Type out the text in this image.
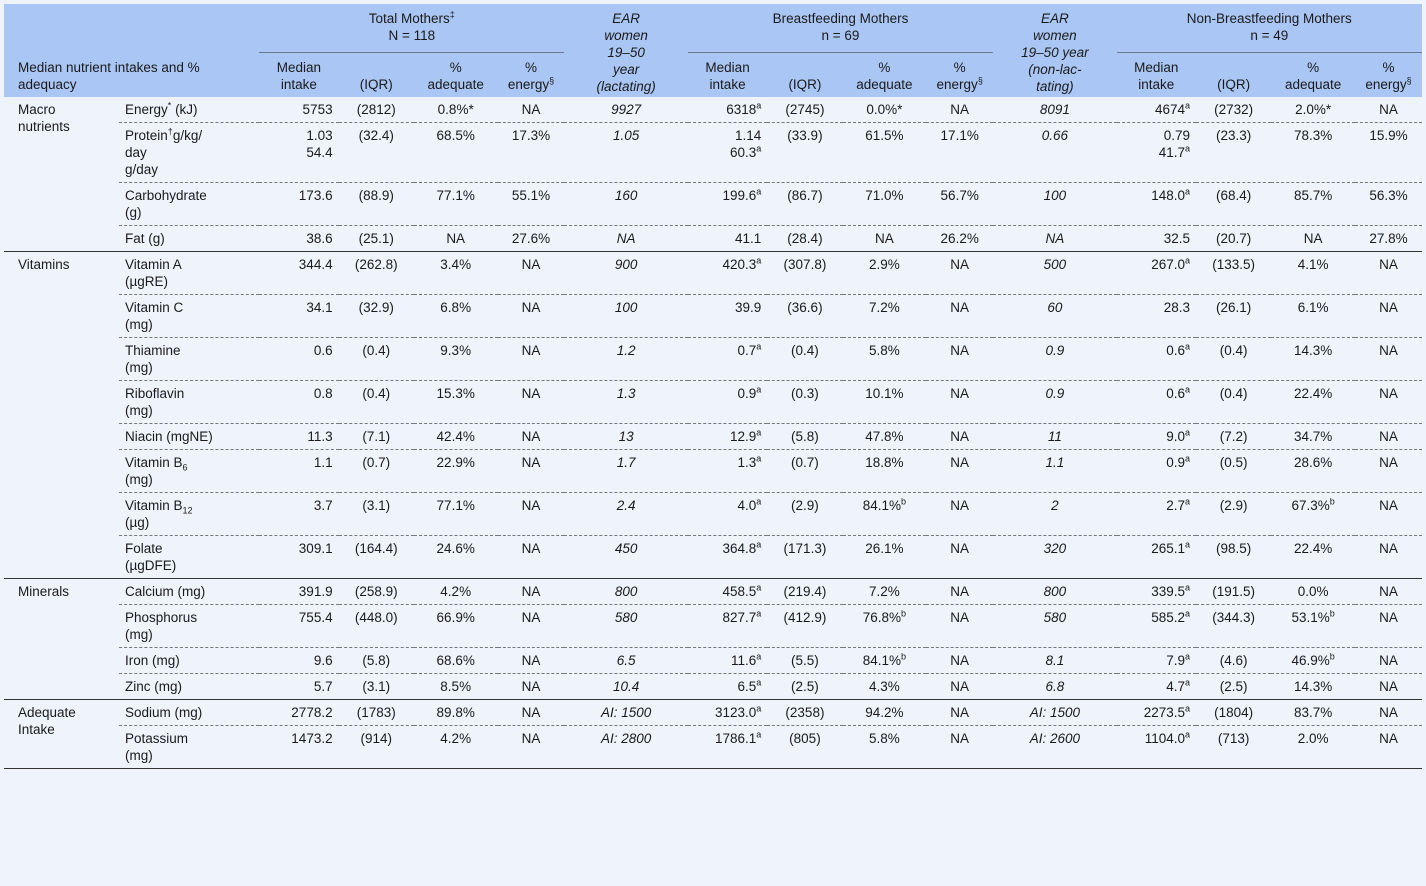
		Total Mothers‡
N = 118				EAR
women
19–50
year
(lactating)	Breastfeeding Mothers
n = 69				EAR
women
19–50 year
(non-lac-
tating)	Non-Breastfeeding Mothers
n = 49			
Median nutrient intakes and % adequacy		Median
intake	(IQR)	%
adequate	%
energy§		Median
intake	(IQR)	%
adequate	%
energy§		Median
intake	(IQR)	%
adequate	%
energy§
Macro
nutrients	Energy* (kJ)	5753	(2812)	0.8%*	NA	9927	6318$^a$	(2745)	0.0%*	NA	8091	4674$^a$	(2732)	2.0%*	NA
	Protein†g/kg/
day
g/day	1.03
54.4	(32.4)	68.5%	17.3%	1.05	1.14
60.3$^a$	(33.9)	61.5%	17.1%	0.66	0.79
41.7$^a$	(23.3)	78.3%	15.9%
	Carbohydrate
(g)	173.6	(88.9)	77.1%	55.1%	160	199.6$^a$	(86.7)	71.0%	56.7%	100	148.0$^a$	(68.4)	85.7%	56.3%
	Fat (g)	38.6	(25.1)	NA	27.6%	NA	41.1	(28.4)	NA	26.2%	NA	32.5	(20.7)	NA	27.8%
Vitamins	Vitamin A
(µgRE)	344.4	(262.8)	3.4%	NA	900	420.3$^a$	(307.8)	2.9%	NA	500	267.0$^a$	(133.5)	4.1%	NA
	Vitamin C
(mg)	34.1	(32.9)	6.8%	NA	100	39.9	(36.6)	7.2%	NA	60	28.3	(26.1)	6.1%	NA
	Thiamine
(mg)	0.6	(0.4)	9.3%	NA	1.2	0.7$^a$	(0.4)	5.8%	NA	0.9	0.6$^a$	(0.4)	14.3%	NA
	Riboflavin
(mg)	0.8	(0.4)	15.3%	NA	1.3	0.9$^a$	(0.3)	10.1%	NA	0.9	0.6$^a$	(0.4)	22.4%	NA
	Niacin (mgNE)	11.3	(7.1)	42.4%	NA	13	12.9$^a$	(5.8)	47.8%	NA	11	9.0$^a$	(7.2)	34.7%	NA
	Vitamin $B_6$
(mg)	1.1	(0.7)	22.9%	NA	1.7	1.3$^a$	(0.7)	18.8%	NA	1.1	0.9$^a$	(0.5)	28.6%	NA
	Vitamin $B_{12}$
(µg)	3.7	(3.1)	77.1%	NA	2.4	4.0$^a$	(2.9)	84.1%$^b$	NA	2	2.7$^a$	(2.9)	67.3%$^b$	NA
	Folate
(µgDFE)	309.1	(164.4)	24.6%	NA	450	364.8$^a$	(171.3)	26.1%	NA	320	265.1$^a$	(98.5)	22.4%	NA
Minerals	Calcium (mg)	391.9	(258.9)	4.2%	NA	800	458.5$^a$	(219.4)	7.2%	NA	800	339.5$^a$	(191.5)	0.0%	NA
	Phosphorus
(mg)	755.4	(448.0)	66.9%	NA	580	827.7$^a$	(412.9)	76.8%$^b$	NA	580	585.2$^a$	(344.3)	53.1%$^b$	NA
	Iron (mg)	9.6	(5.8)	68.6%	NA	6.5	11.6$^a$	(5.5)	84.1%$^b$	NA	8.1	7.9$^a$	(4.6)	46.9%$^b$	NA
	Zinc (mg)	5.7	(3.1)	8.5%	NA	10.4	6.5$^a$	(2.5)	4.3%	NA	6.8	4.7$^a$	(2.5)	14.3%	NA
Adequate
Intake	Sodium (mg)	2778.2	(1783)	89.8%	NA	AI: 1500	3123.0$^a$	(2358)	94.2%	NA	AI: 1500	2273.5$^a$	(1804)	83.7%	NA
	Potassium
(mg)	1473.2	(914)	4.2%	NA	AI: 2800	1786.1$^a$	(805)	5.8%	NA	AI: 2600	1104.0$^a$	(713)	2.0%	NA
